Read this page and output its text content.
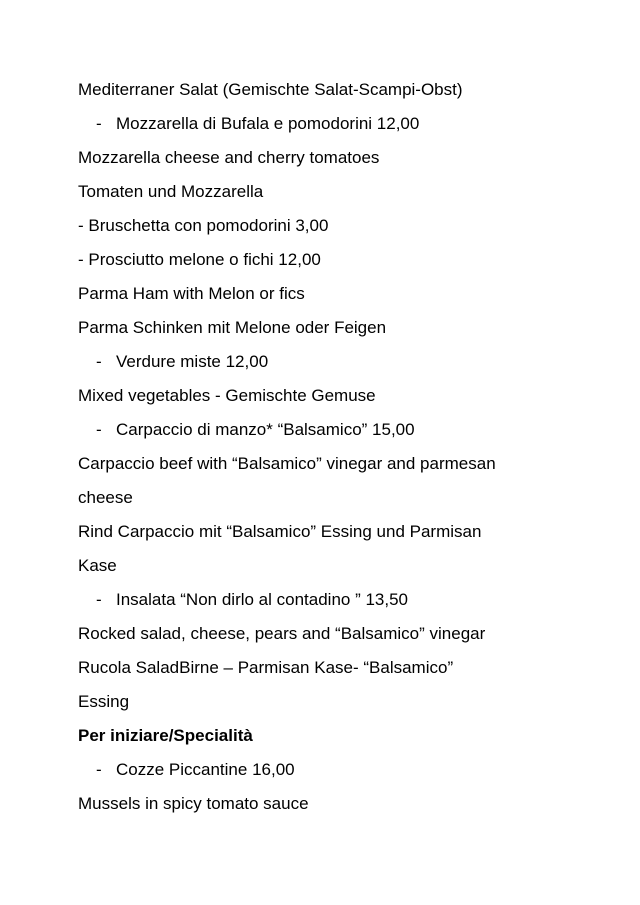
Mediterraner Salat (Gemischte Salat-Scampi-Obst)
- Mozzarella di Bufala e pomodorini 12,00
Mozzarella cheese and cherry tomatoes
Tomaten und Mozzarella
- Bruschetta con pomodorini 3,00
- Prosciutto melone o fichi 12,00
Parma Ham with Melon or fics
Parma Schinken mit Melone oder Feigen
- Verdure miste 12,00
Mixed vegetables - Gemischte Gemuse
- Carpaccio di manzo* “Balsamico” 15,00
Carpaccio beef with “Balsamico” vinegar and parmesan
cheese
Rind Carpaccio mit “Balsamico” Essing und Parmisan
Kase
- Insalata “Non dirlo al contadino ” 13,50
Rocked salad, cheese, pears and “Balsamico” vinegar
Rucola SaladBirne – Parmisan Kase- “Balsamico”
Essing
Per iniziare/Specialità
- Cozze Piccantine 16,00
Mussels in spicy tomato sauce
